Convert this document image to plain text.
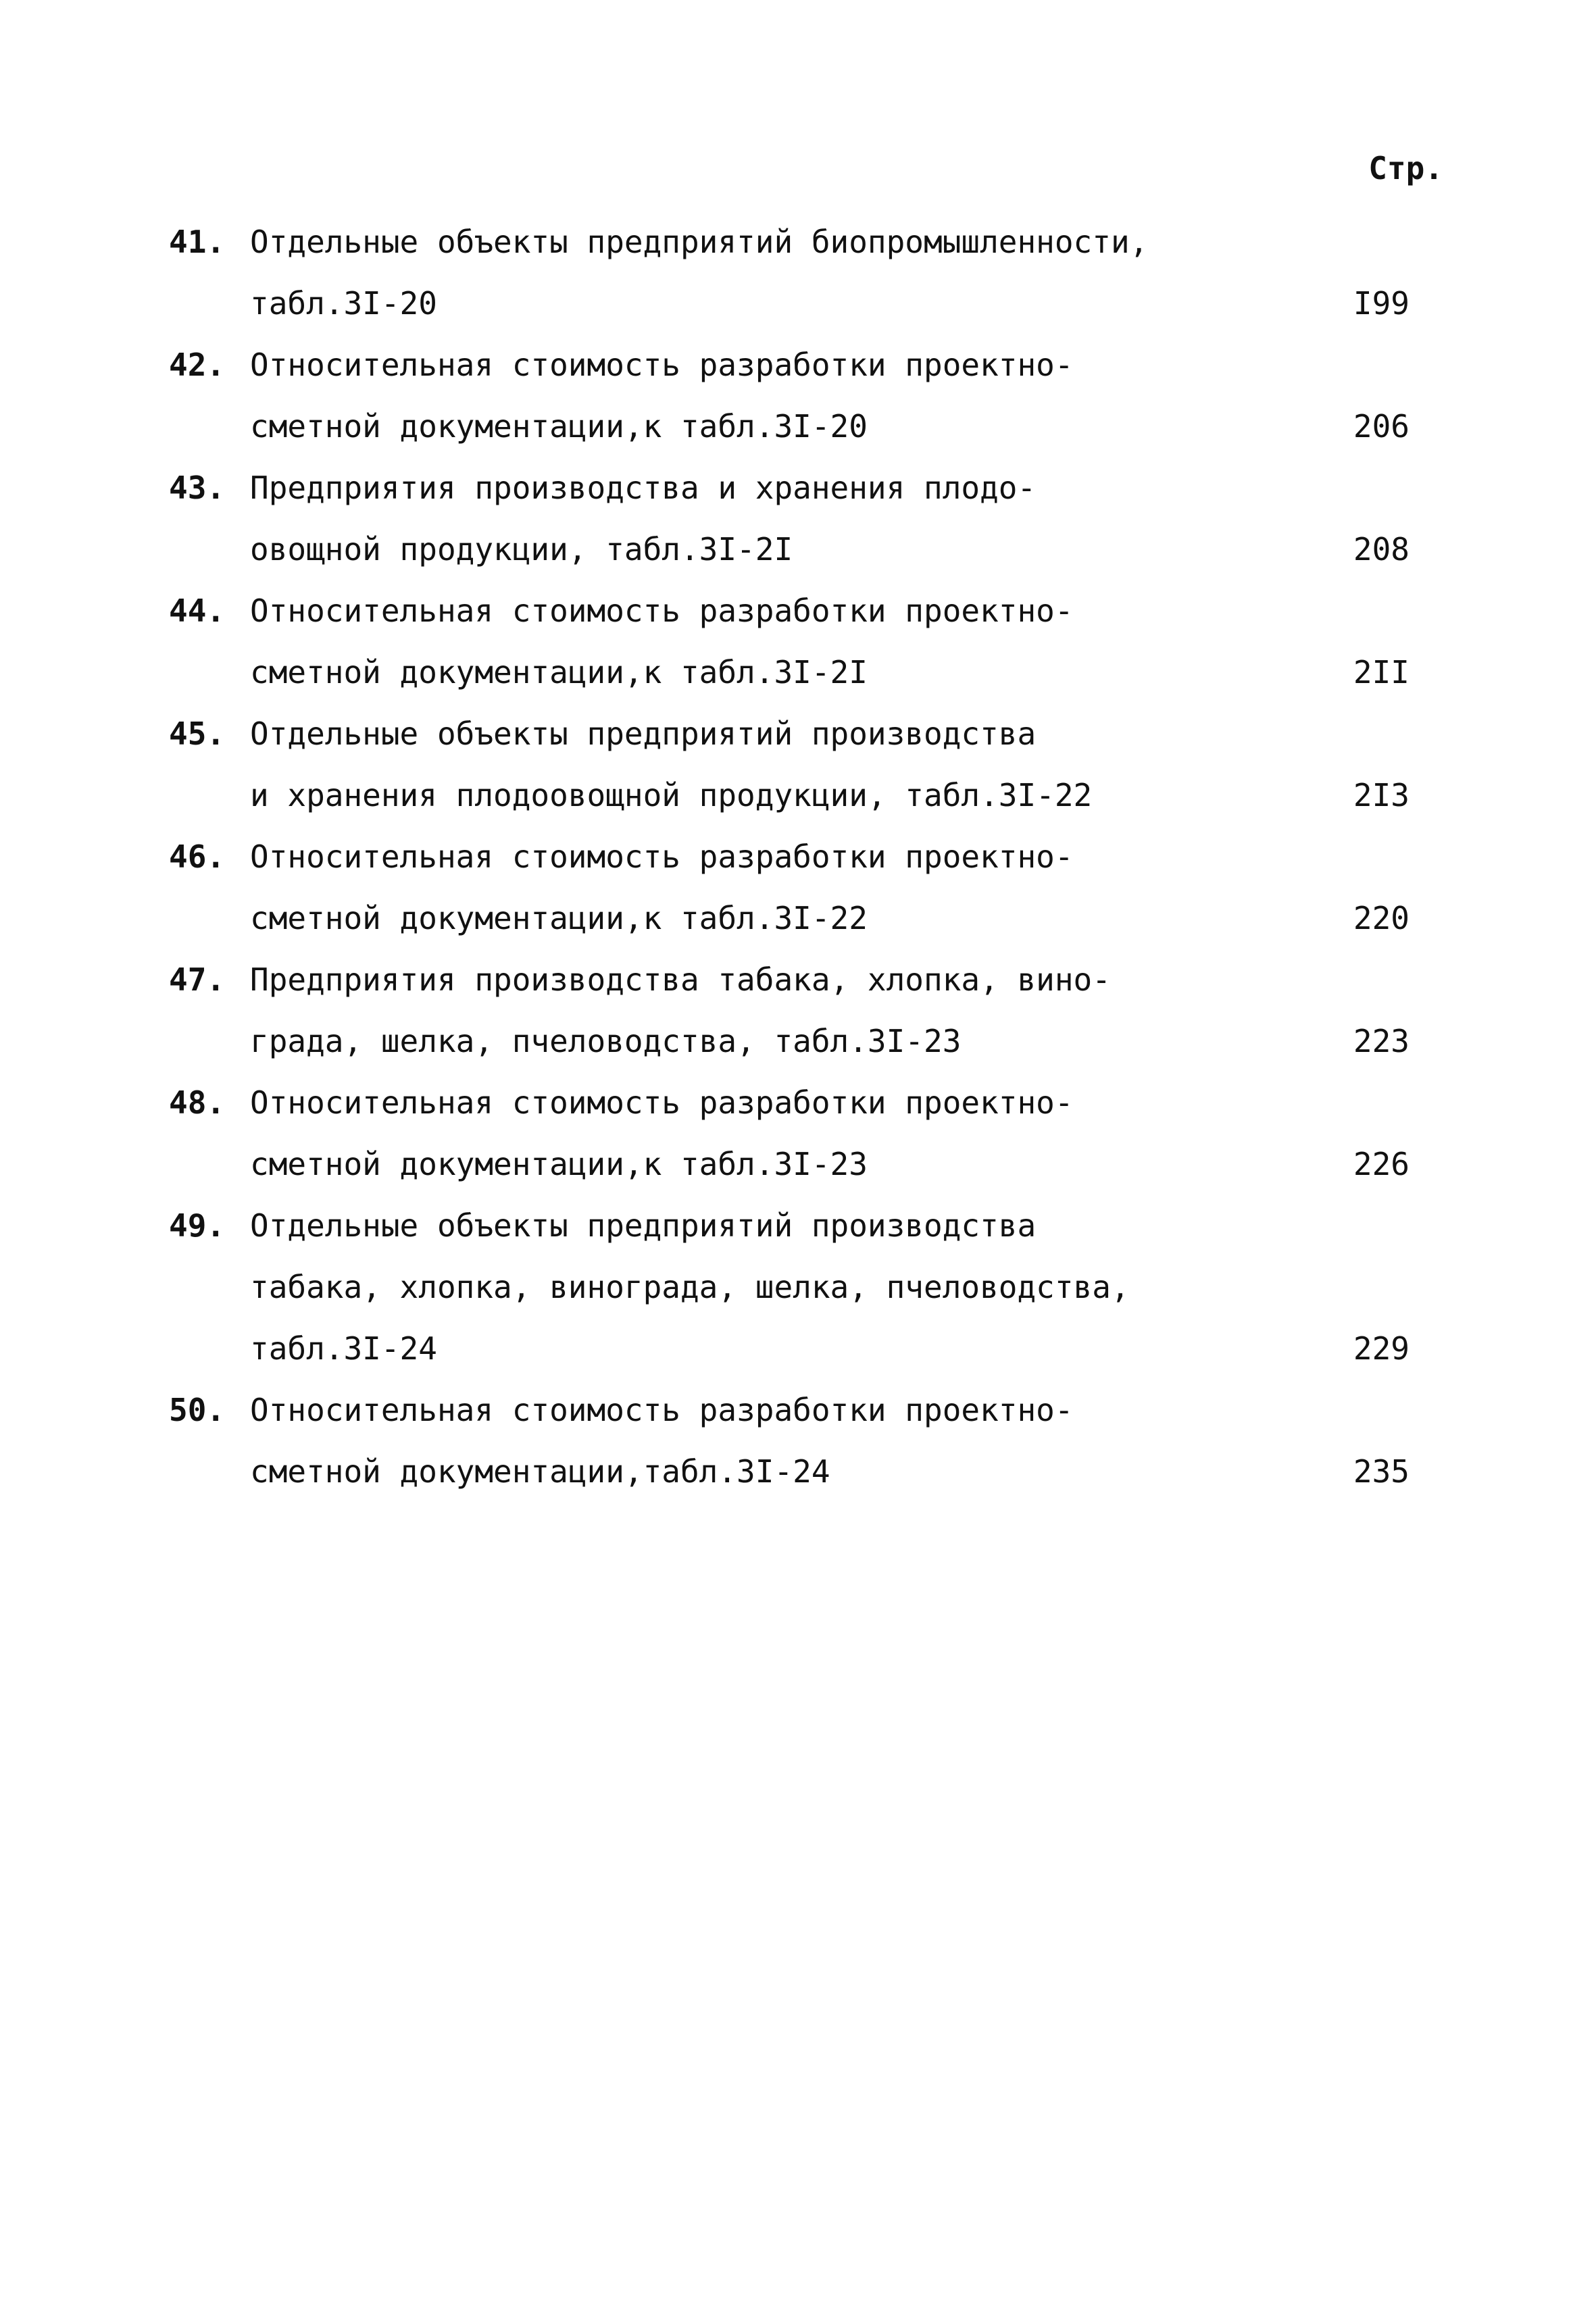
Стр.
41. Отдельные объекты предприятий биопромышленности,
табл.3I-20	I99
42. Относительная стоимость разработки проектно-
сметной документации,к табл.3I-20	206
43. Предприятия производства и хранения плодо-
овощной продукции, табл.3I-2I	208
44. Относительная стоимость разработки проектно-
сметной документации,к табл.3I-2I	2II
45. Отдельные объекты предприятий производства
и хранения плодоовощной продукции, табл.3I-22	2I3
46. Относительная стоимость разработки проектно-
сметной документации,к табл.3I-22	220
47. Предприятия производства табака, хлопка, вино-
града, шелка, пчеловодства, табл.3I-23	223
48. Относительная стоимость разработки проектно-
сметной документации,к табл.3I-23	226
49. Отдельные объекты предприятий производства
табака, хлопка, винограда, шелка, пчеловодства,
табл.3I-24	229
50. Относительная стоимость разработки проектно-
сметной документации,табл.3I-24	235
